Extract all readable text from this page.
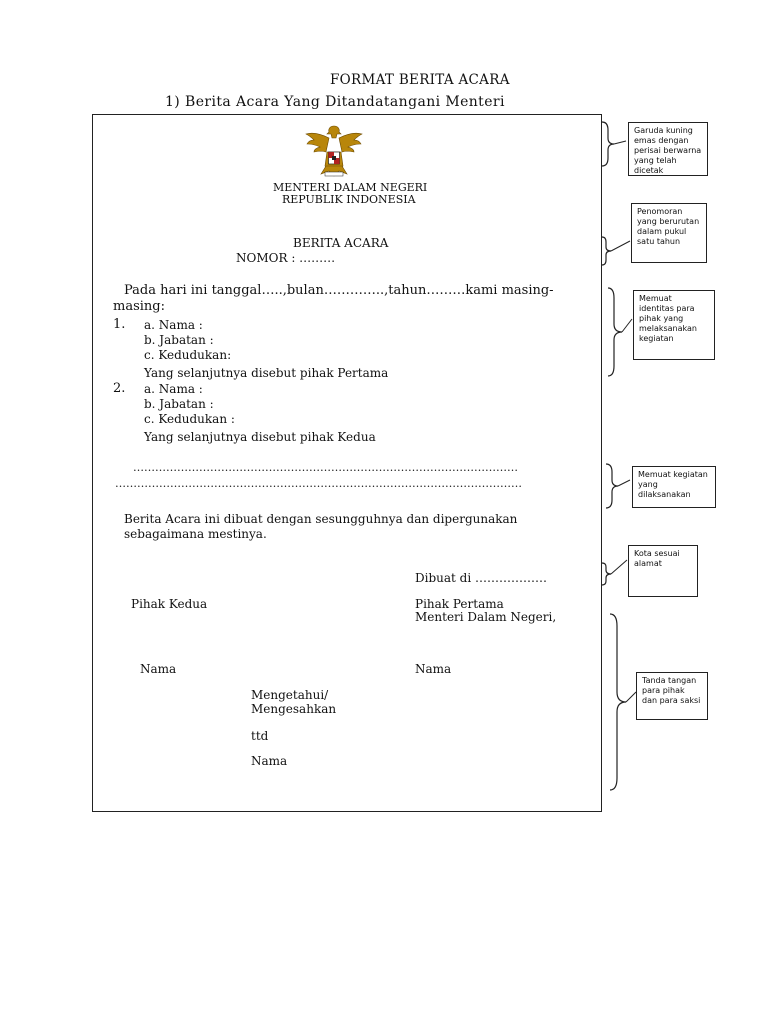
FORMAT BERITA ACARA
1) Berita Acara Yang Ditandatangani Menteri
MENTERI DALAM NEGERI
REPUBLIK INDONESIA
BERITA ACARA
NOMOR : ………
Pada hari ini tanggal…..,bulan…………..,tahun………kami masing-
masing:
1. a. Nama :
b. Jabatan :
c. Kedudukan:
Yang selanjutnya disebut pihak Pertama
2. a. Nama :
b. Jabatan :
c. Kedudukan :
Yang selanjutnya disebut pihak Kedua
……………………………………………………………………………………………
…………………………………………………………………………………………………
Berita Acara ini dibuat dengan sesungguhnya dan dipergunakan
sebagaimana mestinya.
Dibuat di ………………
Pihak Kedua	Pihak Pertama
Menteri Dalam Negeri,
Nama	Nama
Mengetahui/
Mengesahkan
ttd
Nama
Garuda kuning emas dengan perisai berwarna yang telah dicetak
Penomoran yang berurutan dalam pukul satu tahun
Memuat identitas para pihak yang melaksanakan kegiatan
Memuat kegiatan yang dilaksanakan
Kota sesuai alamat
Tanda tangan para pihak dan para saksi
